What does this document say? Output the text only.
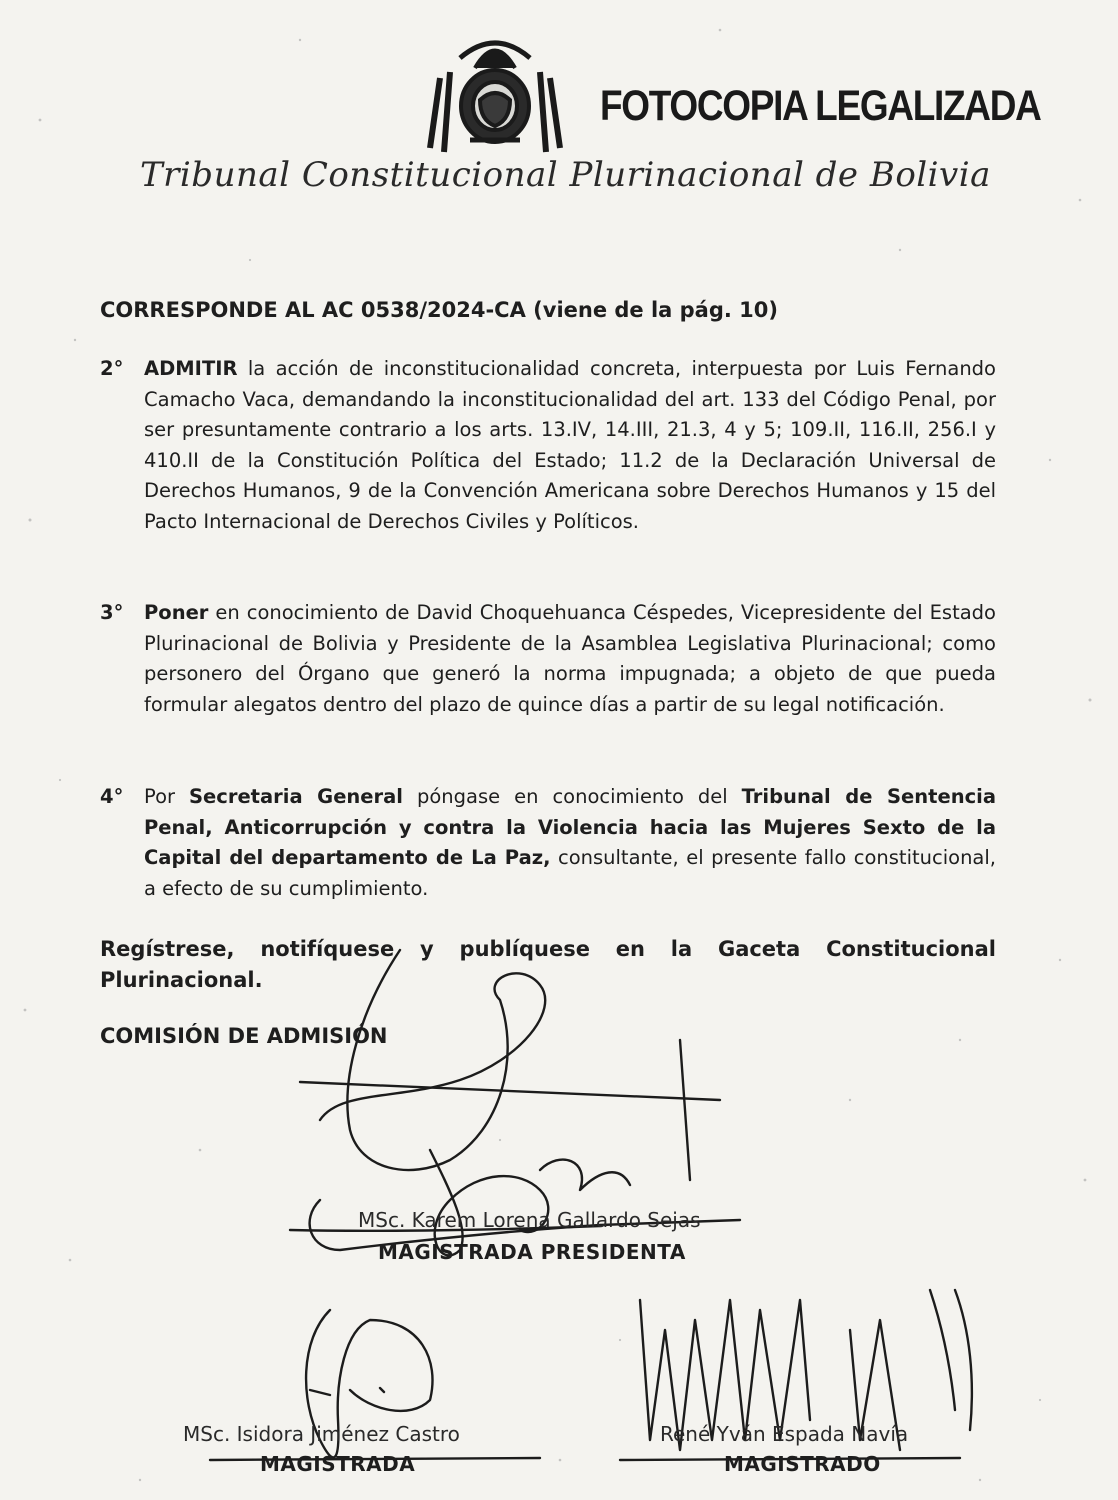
FOTOCOPIA LEGALIZADA
Tribunal Constitucional Plurinacional de Bolivia
CORRESPONDE AL AC 0538/2024-CA (viene de la pág. 10)
2° ADMITIR la acción de inconstitucionalidad concreta, interpuesta por Luis Fernando Camacho Vaca, demandando la inconstitucionalidad del art. 133 del Código Penal, por ser presuntamente contrario a los arts. 13.IV, 14.III, 21.3, 4 y 5; 109.II, 116.II, 256.I y 410.II de la Constitución Política del Estado; 11.2 de la Declaración Universal de Derechos Humanos, 9 de la Convención Americana sobre Derechos Humanos y 15 del Pacto Internacional de Derechos Civiles y Políticos.

3° Poner en conocimiento de David Choquehuanca Céspedes, Vicepresidente del Estado Plurinacional de Bolivia y Presidente de la Asamblea Legislativa Plurinacional; como personero del Órgano que generó la norma impugnada; a objeto de que pueda formular alegatos dentro del plazo de quince días a partir de su legal notificación.

4° Por Secretaria General póngase en conocimiento del Tribunal de Sentencia Penal, Anticorrupción y contra la Violencia hacia las Mujeres Sexto de la Capital del departamento de La Paz, consultante, el presente fallo constitucional, a efecto de su cumplimiento.

Regístrese, notifíquese y publíquese en la Gaceta Constitucional Plurinacional.
COMISIÓN DE ADMISIÓN
MSc. Karem Lorena Gallardo Sejas
MAGISTRADA PRESIDENTA
MSc. Isidora Jiménez Castro
MAGISTRADA
René Yván Espada Navía
MAGISTRADO
